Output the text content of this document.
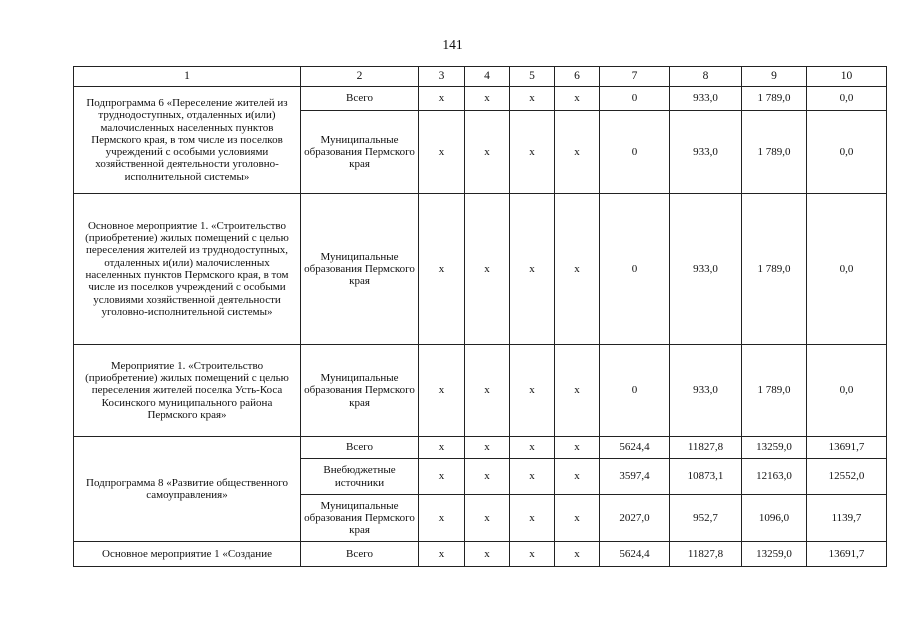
141
1	2	3	4	5	6	7	8	9	10
Подпрограмма 6 «Переселение жителей из труднодоступных, отдаленных и(или) малочисленных населенных пунктов Пермского края, в том числе из поселков учреждений с особыми условиями хозяйственной деятельности уголовно-исполнительной системы»	Всего	x	x	x	x	0	933,0	1 789,0	0,0
	Муниципальные образования Пермского края	x	x	x	x	0	933,0	1 789,0	0,0
Основное мероприятие 1. «Строительство (приобретение) жилых помещений с целью переселения жителей из труднодоступных, отдаленных и(или) малочисленных населенных пунктов Пермского края, в том числе из поселков учреждений с особыми условиями хозяйственной деятельности уголовно-исполнительной системы»	Муниципальные образования Пермского края	x	x	x	x	0	933,0	1 789,0	0,0
Мероприятие 1. «Строительство (приобретение) жилых помещений с целью переселения жителей поселка Усть-Коса Косинского муниципального района Пермского края»	Муниципальные образования Пермского края	x	x	x	x	0	933,0	1 789,0	0,0
Подпрограмма 8 «Развитие общественного самоуправления»	Всего	x	x	x	x	5624,4	11827,8	13259,0	13691,7
	Внебюджетные источники	x	x	x	x	3597,4	10873,1	12163,0	12552,0
	Муниципальные образования Пермского края	x	x	x	x	2027,0	952,7	1096,0	1139,7
Основное мероприятие 1 «Создание	Всего	x	x	x	x	5624,4	11827,8	13259,0	13691,7
